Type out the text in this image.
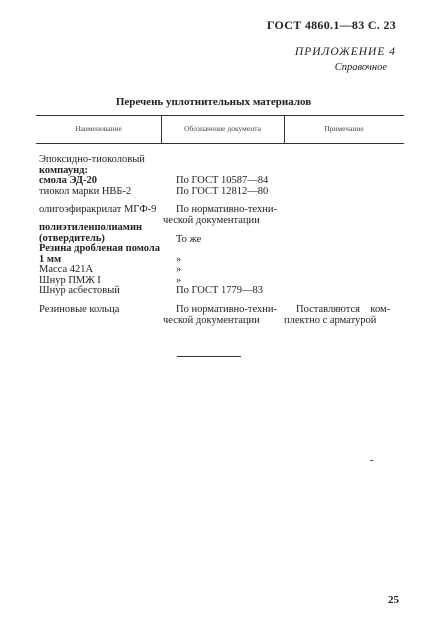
ГОСТ 4860.1—83 С. 23
ПРИЛОЖЕНИЕ 4
Справочное
Перечень уплотнительных материалов
Наименование	Обозначение документа	Примечание
Эпоксидно-тиоколовый
компаунд:
смола ЭД-20
тиокол марки НВБ-2
олигоэфиракрилат МГФ-9
полиэтиленполиамин
(отвердитель)
Резина дробленая помола
1 мм
Масса 421А
Шнур ПМЖ I
Шнур асбестовый
Резиновые кольца
По ГОСТ 10587—84
По ГОСТ 12812—80
По нормативно-техни-
ческой документации
То же
»
»
»
По ГОСТ 1779—83
По нормативно-техни-
ческой документации
Поставляются    ком-
плектно с арматурой
25
